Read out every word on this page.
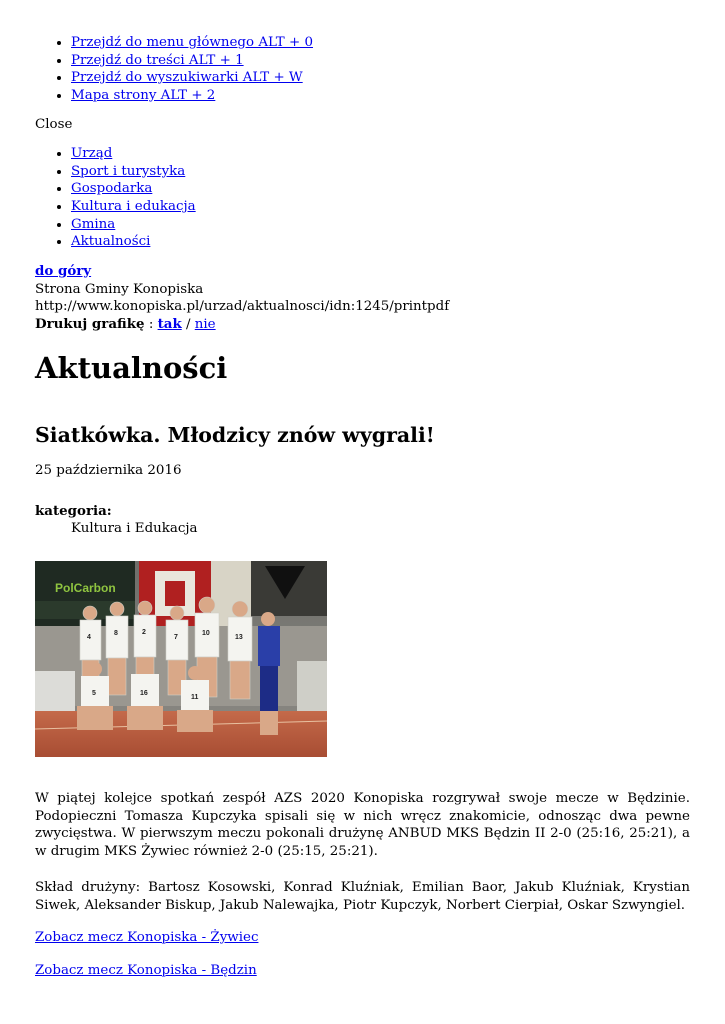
• Przejdź do menu głównego ALT + 0
• Przejdź do treści ALT + 1
• Przejdź do wyszukiwarki ALT + W
• Mapa strony ALT + 2
Close
• Urząd
• Sport i turystyka
• Gospodarka
• Kultura i edukacja
• Gmina
• Aktualności
do góry
Strona Gminy Konopiska
http://www.konopiska.pl/urzad/aktualnosci/idn:1245/printpdf
Drukuj grafikę : tak / nie
Aktualności
Siatkówka. Młodzicy znów wygrali!
25 października 2016
kategoria:
Kultura i Edukacja
PolCarbon
4
8	2
7
10
13
5	16
11
W piątej kolejce spotkań zespół AZS 2020 Konopiska rozgrywał swoje mecze w Będzinie. Podopieczni Tomasza Kupczyka spisali się w nich wręcz znakomicie, odnosząc dwa pewne zwycięstwa. W pierwszym meczu pokonali drużynę ANBUD MKS Będzin II 2-0 (25:16, 25:21), a w drugim MKS Żywiec również 2-0 (25:15, 25:21).
Skład drużyny: Bartosz Kosowski, Konrad Kluźniak, Emilian Baor, Jakub Kluźniak, Krystian Siwek, Aleksander Biskup, Jakub Nalewajka, Piotr Kupczyk, Norbert Cierpiał, Oskar Szwyngiel.
Zobacz mecz Konopiska - Żywiec
Zobacz mecz Konopiska - Będzin
